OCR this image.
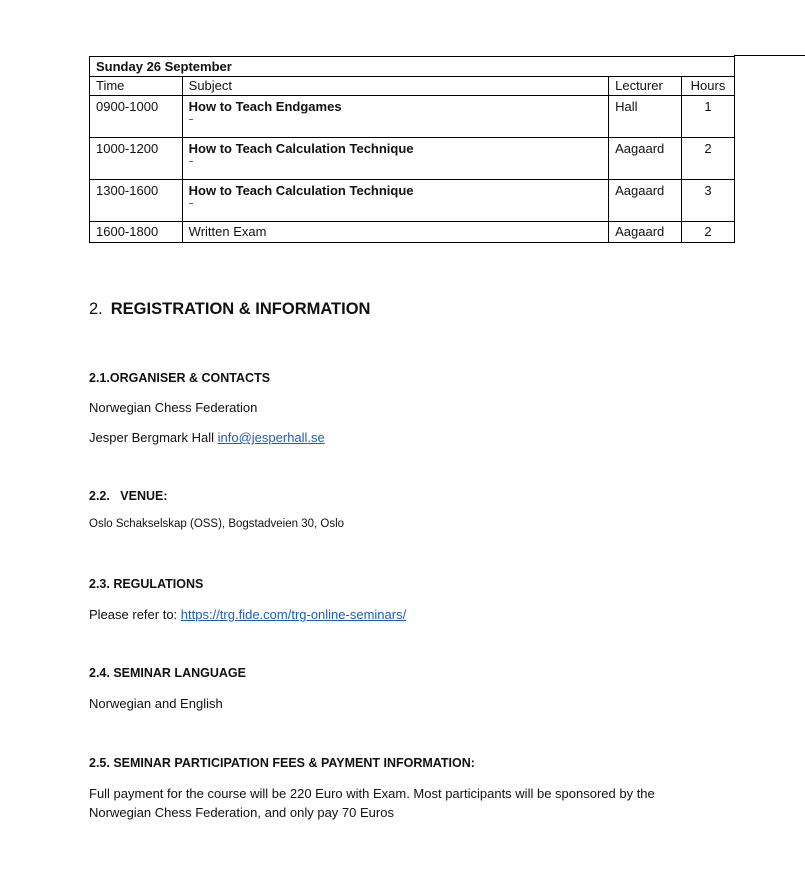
Sunday 26 September			
Time	Subject	Lecturer	Hours
0900-1000	How to Teach Endgames	Hall	1
1000-1200	How to Teach Calculation Technique	Aagaard	2
1300-1600	How to Teach Calculation Technique	Aagaard	3
1600-1800	Written Exam	Aagaard	2
2. REGISTRATION & INFORMATION
2.1.ORGANISER & CONTACTS
Norwegian Chess Federation
Jesper Bergmark Hall info@jesperhall.se
2.2.   VENUE:
Oslo Schakselskap (OSS), Bogstadveien 30, Oslo
2.3. REGULATIONS
Please refer to: https://trg.fide.com/trg-online-seminars/
2.4. SEMINAR LANGUAGE
Norwegian and English
2.5. SEMINAR PARTICIPATION FEES & PAYMENT INFORMATION:
Full payment for the course will be 220 Euro with Exam. Most participants will be sponsored by the
Norwegian Chess Federation, and only pay 70 Euros
